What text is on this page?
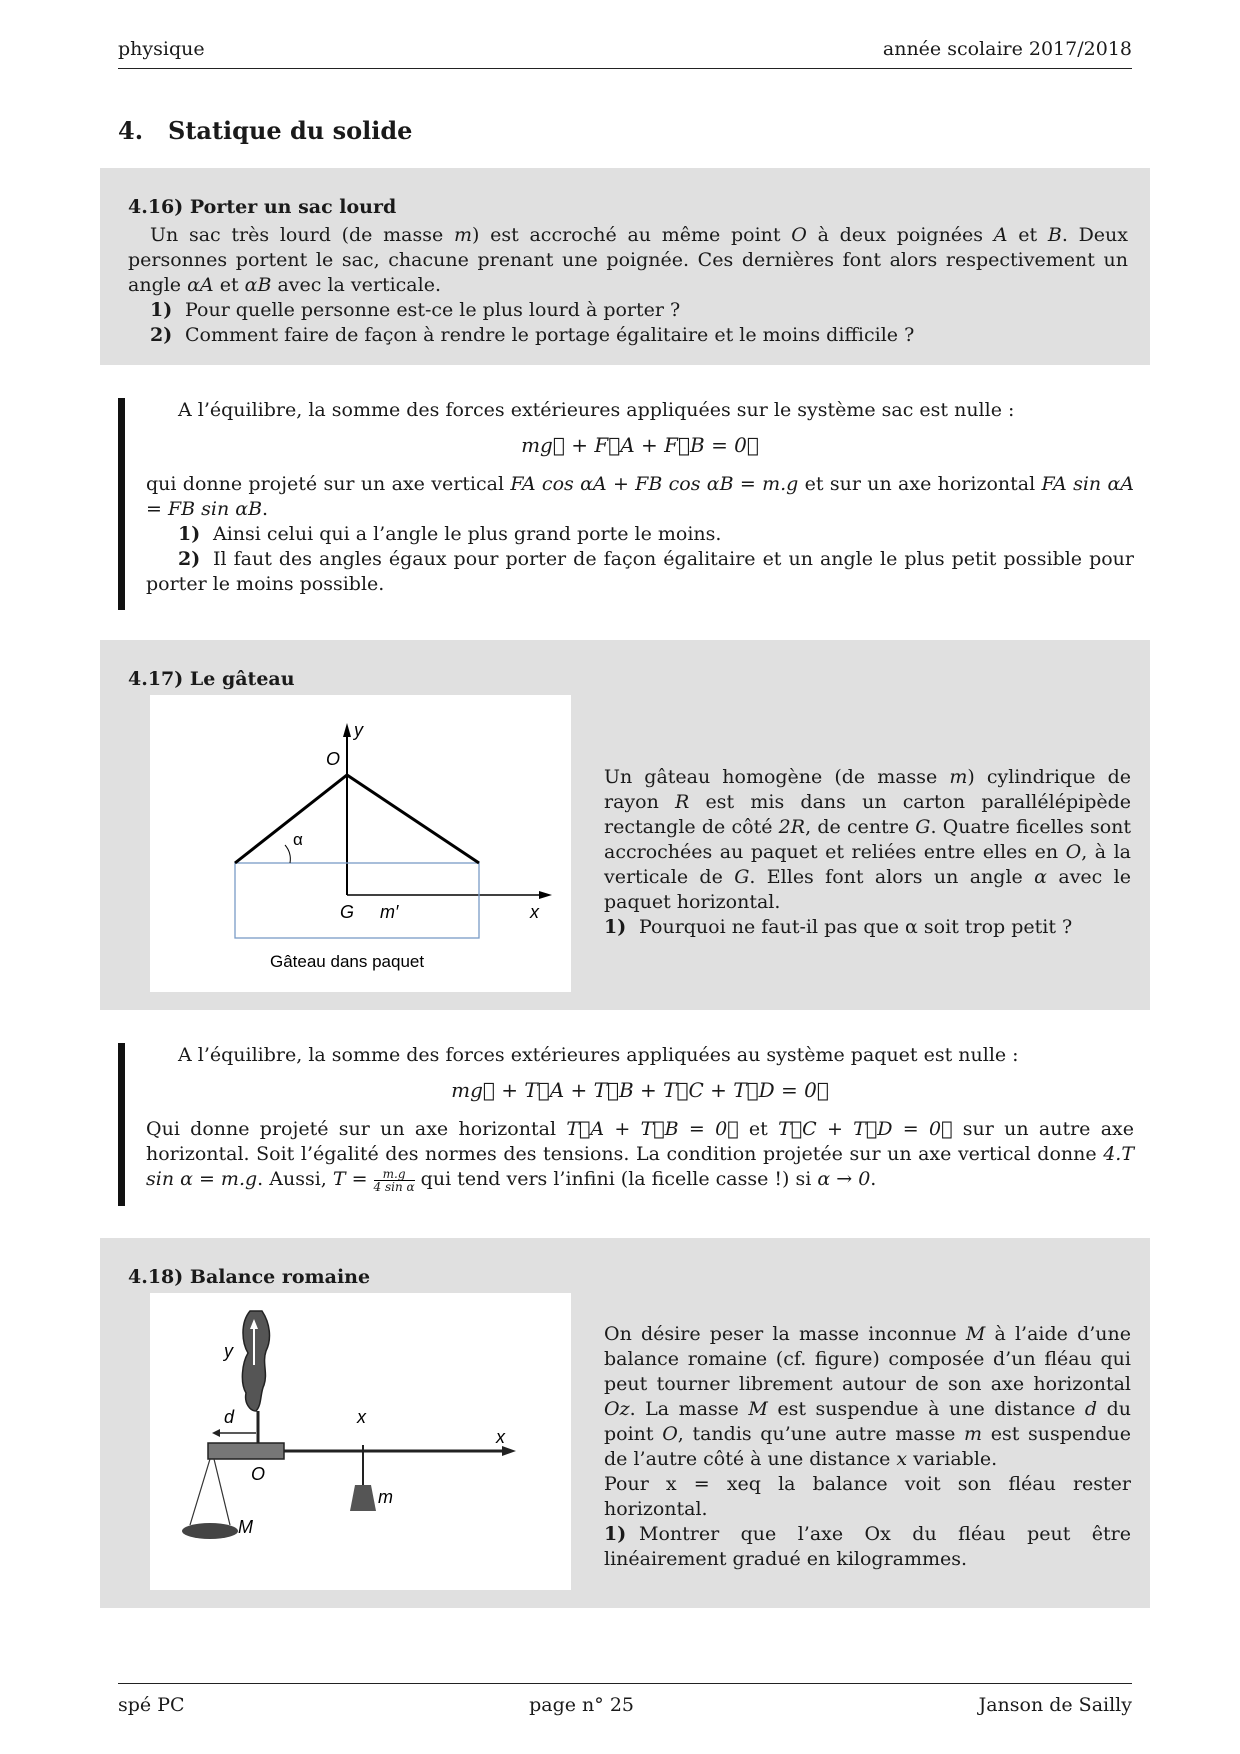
physique	année scolaire 2017/2018
4. Statique du solide
4.16) Porter un sac lourd
Un sac très lourd (de masse m) est accroché au même point O à deux poignées A et B. Deux personnes portent le sac, chacune prenant une poignée. Ces dernières font alors respectivement un angle αA et αB avec la verticale.
1) Pour quelle personne est-ce le plus lourd à porter ?
2) Comment faire de façon à rendre le portage égalitaire et le moins difficile ?
A l’équilibre, la somme des forces extérieures appliquées sur le système sac est nulle :
mg⃗ + F⃗A + F⃗B = 0⃗
qui donne projeté sur un axe vertical FA cos αA + FB cos αB = m.g et sur un axe horizontal FA sin αA = FB sin αB.
1) Ainsi celui qui a l’angle le plus grand porte le moins.
2) Il faut des angles égaux pour porter de façon égalitaire et un angle le plus petit possible pour porter le moins possible.
4.17) Le gâteau
y
O
α
G m′	x
Gâteau dans paquet
Un gâteau homogène (de masse m) cylindrique de rayon R est mis dans un carton parallélépipède rectangle de côté 2R, de centre G. Quatre ficelles sont accrochées au paquet et reliées entre elles en O, à la verticale de G. Elles font alors un angle α avec le paquet horizontal.
1) Pourquoi ne faut-il pas que α soit trop petit ?
A l’équilibre, la somme des forces extérieures appliquées au système paquet est nulle :
mg⃗ + T⃗A + T⃗B + T⃗C + T⃗D = 0⃗
Qui donne projeté sur un axe horizontal T⃗A + T⃗B = 0⃗ et T⃗C + T⃗D = 0⃗ sur un autre axe horizontal. Soit l’égalité des normes des tensions. La condition projetée sur un axe vertical donne 4.T sin α = m.g. Aussi, $T = \frac{m.g}{\text{4 sin α}}$ qui tend vers l’infini (la ficelle casse !) si α → 0.
4.18) Balance romaine
y
d	x
x
O
m
M
On désire peser la masse inconnue M à l’aide d’une balance romaine (cf. figure) composée d’un fléau qui peut tourner librement autour de son axe horizontal Oz. La masse M est suspendue à une distance d du point O, tandis qu’une autre masse m est suspendue de l’autre côté à une distance x variable.
Pour x = xeq la balance voit son fléau rester horizontal.
1) Montrer que l’axe Ox du fléau peut être linéairement gradué en kilogrammes.
spé PC	page n° 25	Janson de Sailly
